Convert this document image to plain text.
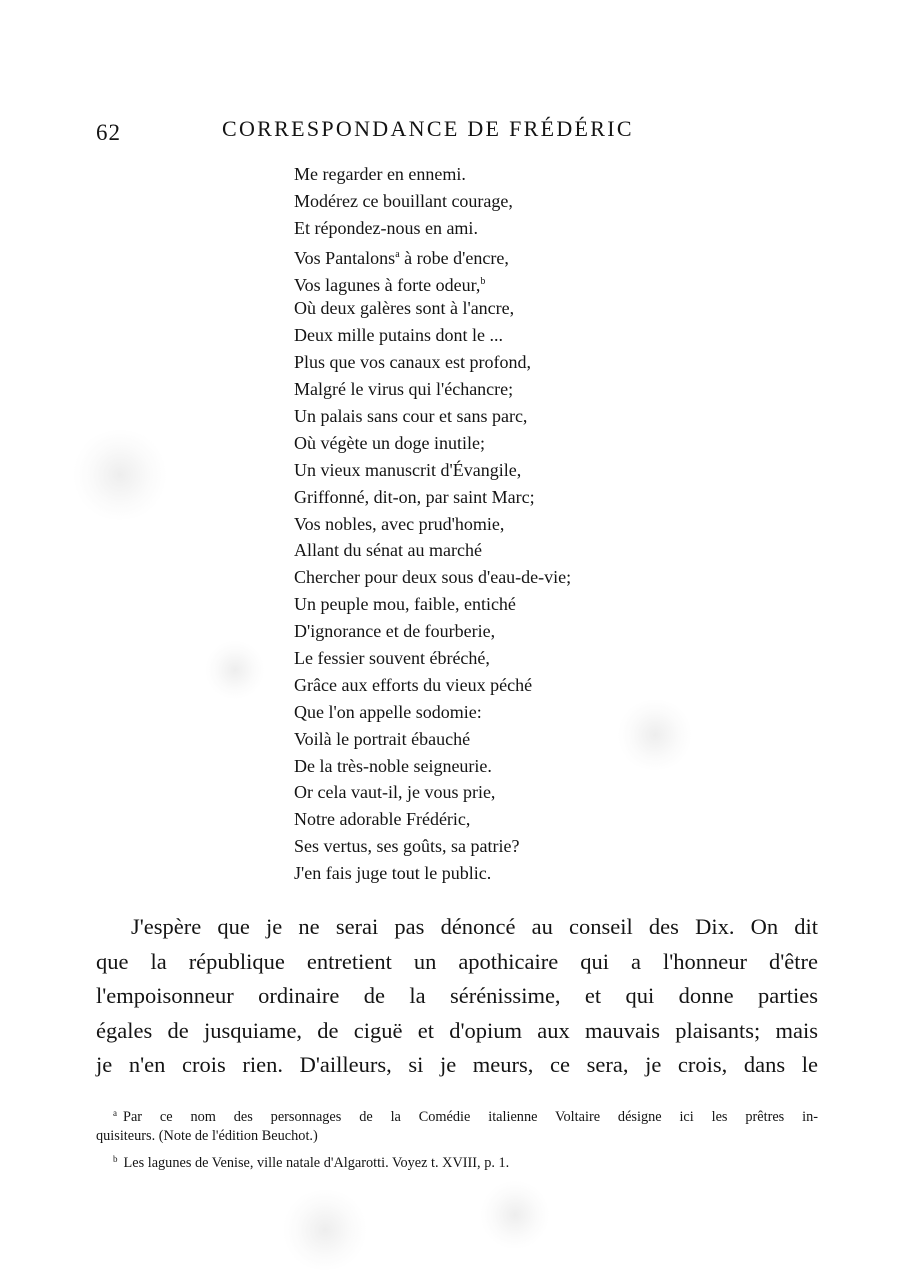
62	CORRESPONDANCE DE FRÉDÉRIC
Me regarder en ennemi.
Modérez ce bouillant courage,
Et répondez-nous en ami.
Vos Pantalons$^a$ à robe d'encre,
Vos lagunes à forte odeur,$^b$
Où deux galères sont à l'ancre,
Deux mille putains dont le ...
Plus que vos canaux est profond,
Malgré le virus qui l'échancre;
Un palais sans cour et sans parc,
Où végète un doge inutile;
Un vieux manuscrit d'Évangile,
Griffonné, dit-on, par saint Marc;
Vos nobles, avec prud'homie,
Allant du sénat au marché
Chercher pour deux sous d'eau-de-vie;
Un peuple mou, faible, entiché
D'ignorance et de fourberie,
Le fessier souvent ébréché,
Grâce aux efforts du vieux péché
Que l'on appelle sodomie:
Voilà le portrait ébauché
De la très-noble seigneurie.
Or cela vaut-il, je vous prie,
Notre adorable Frédéric,
Ses vertus, ses goûts, sa patrie?
J'en fais juge tout le public.
J'espère que je ne serai pas dénoncé au conseil des Dix. On dit
que la république entretient un apothicaire qui a l'honneur d'être
l'empoisonneur ordinaire de la sérénissime, et qui donne parties
égales de jusquiame, de ciguë et d'opium aux mauvais plaisants; mais
je n'en crois rien. D'ailleurs, si je meurs, ce sera, je crois, dans le
$^a$ Par ce nom des personnages de la Comédie italienne Voltaire désigne ici les prêtres in-
quisiteurs. (Note de l'édition Beuchot.)
$^b$ Les lagunes de Venise, ville natale d'Algarotti. Voyez t. XVIII, p. 1.
